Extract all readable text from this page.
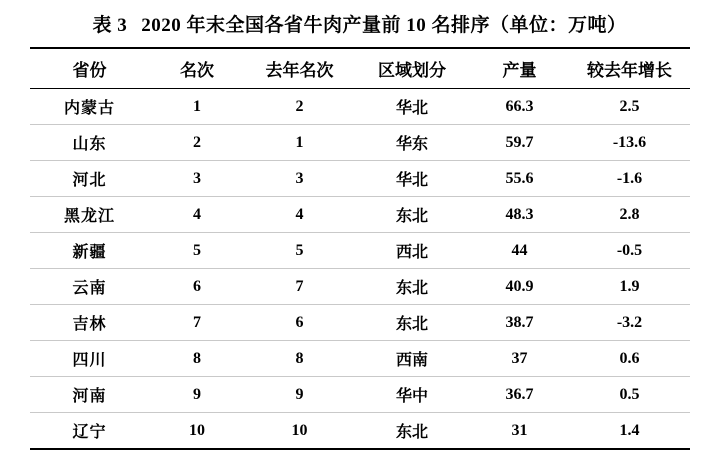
表 3 2020 年末全国各省牛肉产量前 10 名排序（单位：万吨）
省份	名次	去年名次	区域划分	产量	较去年增长
内蒙古	1	2	华北	66.3	2.5
山东	2	1	华东	59.7	-13.6
河北	3	3	华北	55.6	-1.6
黑龙江	4	4	东北	48.3	2.8
新疆	5	5	西北	44	-0.5
云南	6	7	东北	40.9	1.9
吉林	7	6	东北	38.7	-3.2
四川	8	8	西南	37	0.6
河南	9	9	华中	36.7	0.5
辽宁	10	10	东北	31	1.4
